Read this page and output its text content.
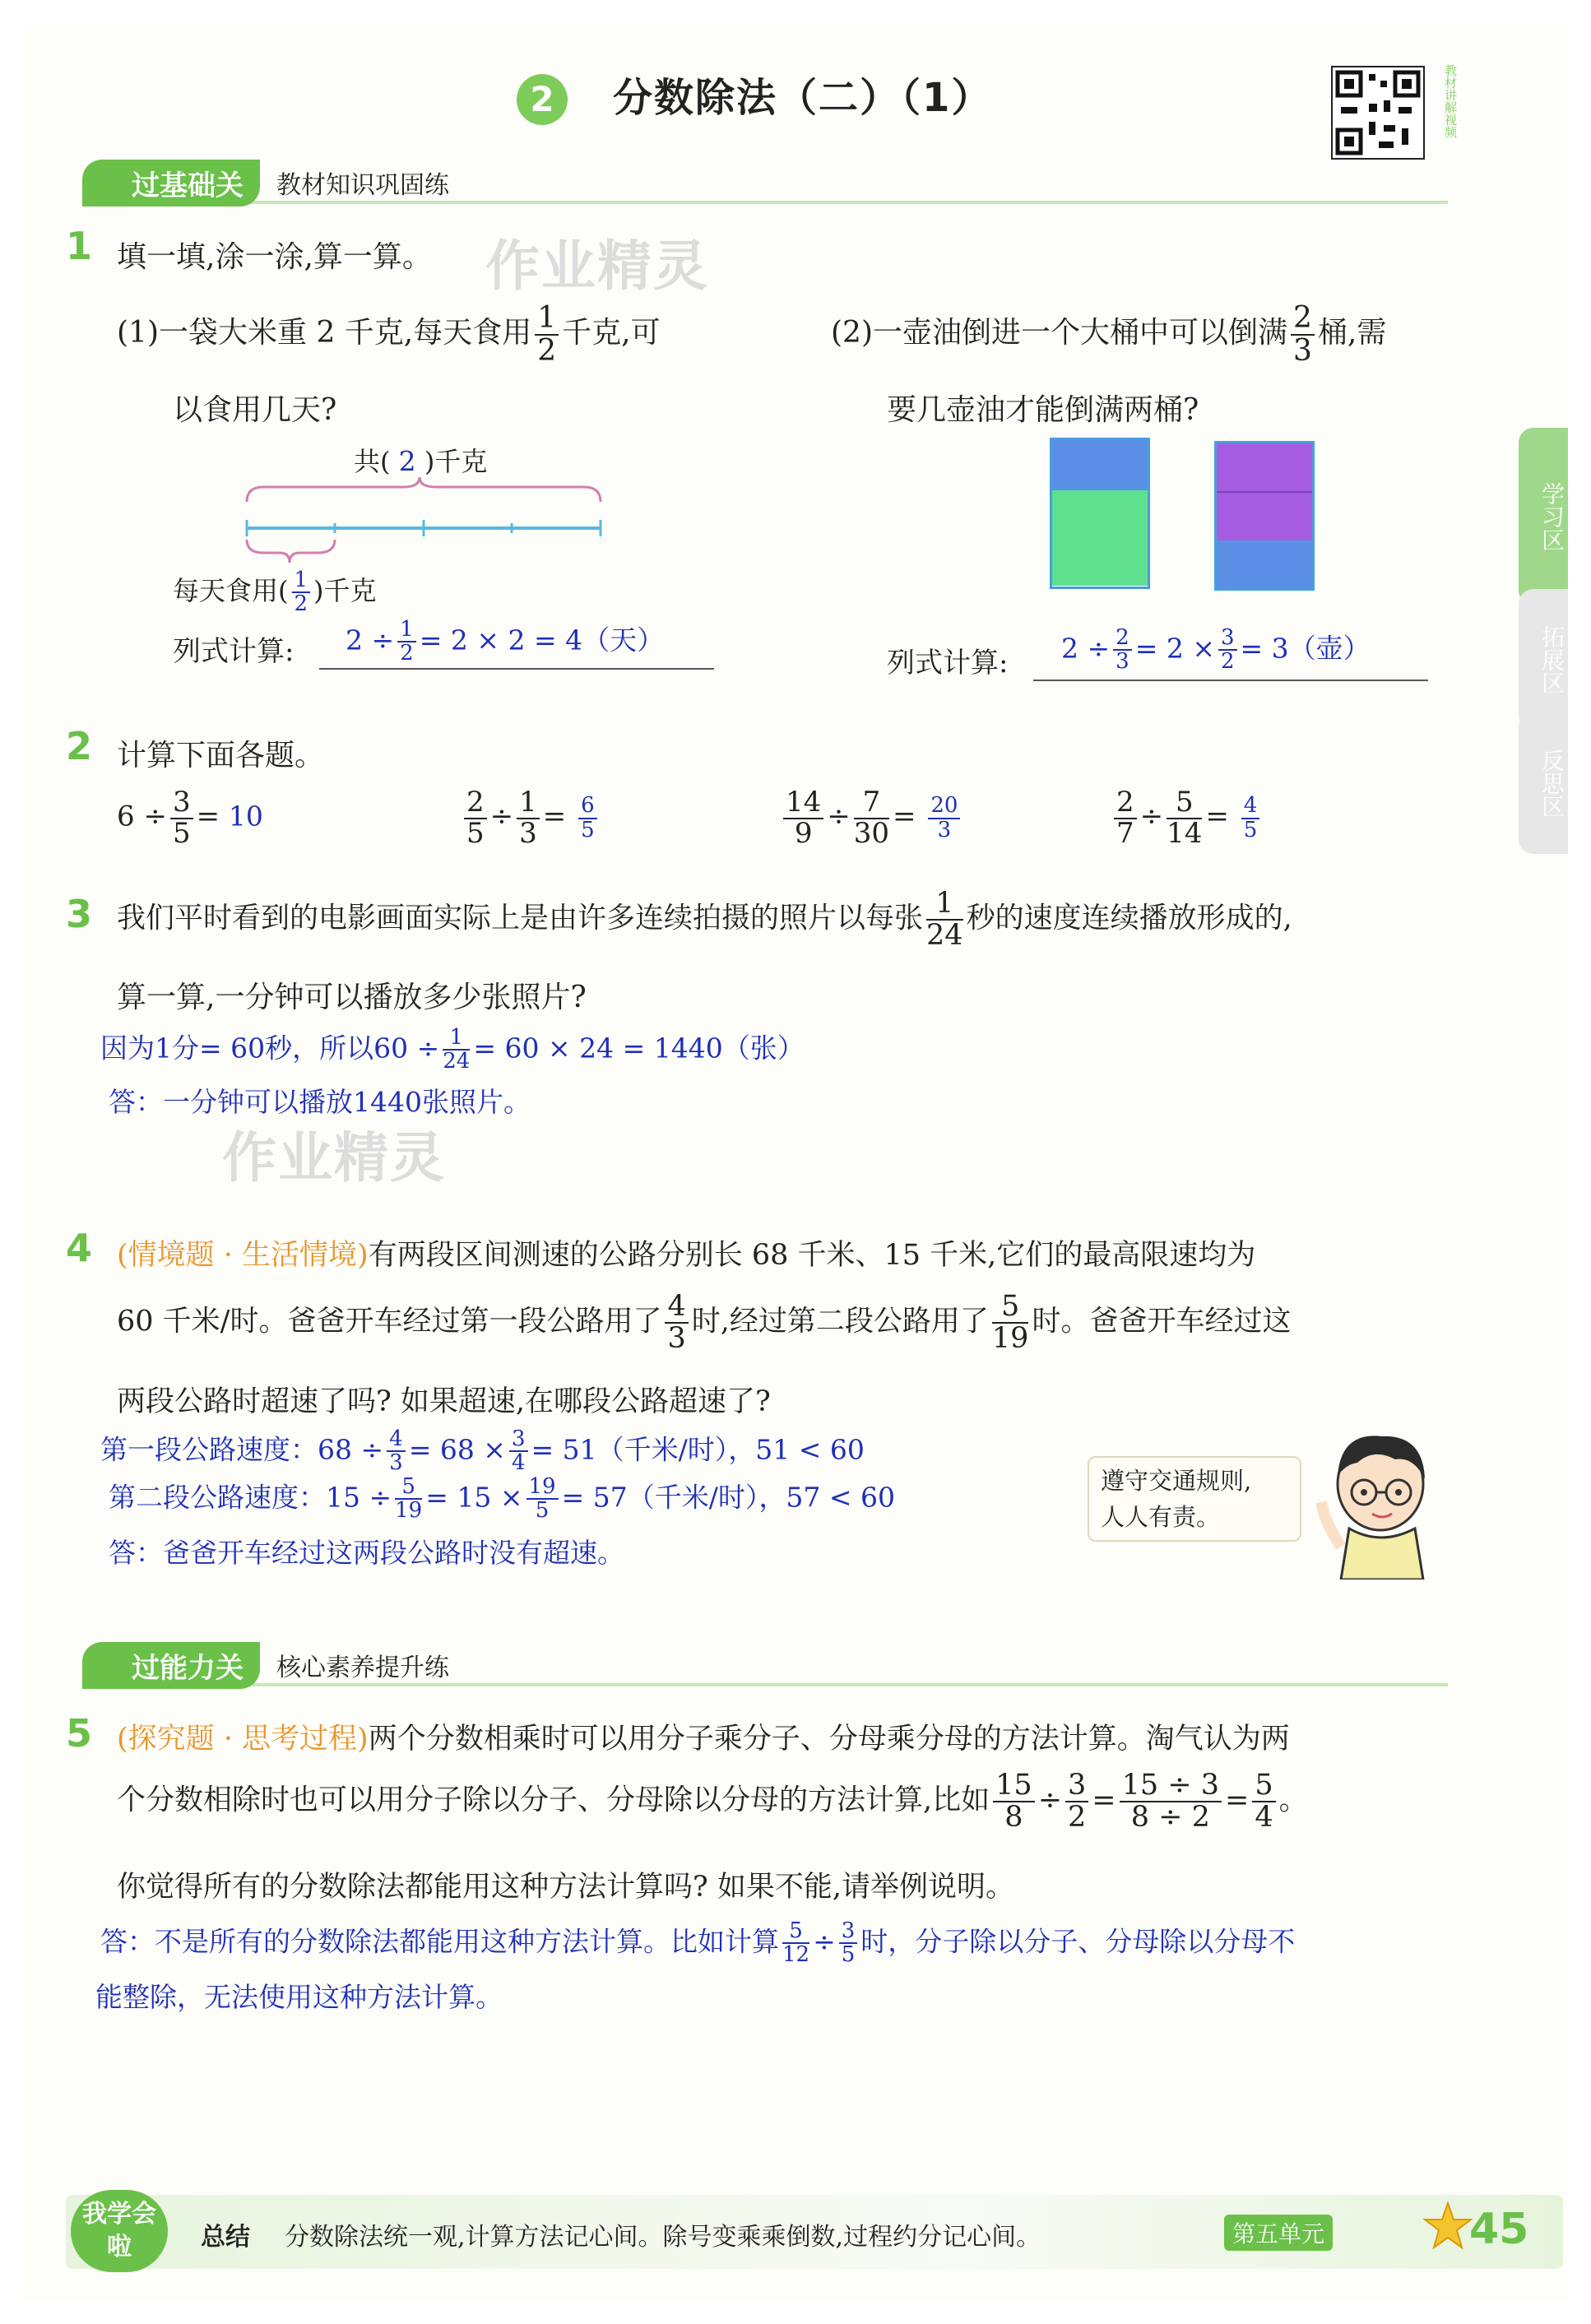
2	分数除法（二）（1）	教材讲解视频
过基础关	教材知识巩固练
学习区
拓展区
反思区
1 填一填,涂一涂,算一算。 作业精灵
(1)一袋大米重 2 千克,每天食用 $\frac{1}{2}$ 千克,可
以食用几天?
共( 2 )千克
每天食用( $\frac{1}{2}$ )千克
列式计算: $2 \div \frac{1}{2} = 2 \times 2 = 4$（天）
(2)一壶油倒进一个大桶中可以倒满 $\frac{2}{3}$ 桶,需
要几壶油才能倒满两桶?
列式计算: $2 \div \frac{2}{3} = 2 \times \frac{3}{2} = 3$（壶）
2 计算下面各题。
$6 \div \frac{3}{5} = 10$	$\frac{2}{5} \div \frac{1}{3} = \frac{6}{5}$	$\frac{14}{9} \div \frac{7}{30} = \frac{20}{3}$	$\frac{2}{7} \div \frac{5}{14} = \frac{4}{5}$
3 我们平时看到的电影画面实际上是由许多连续拍摄的照片以每张 $\frac{1}{24}$ 秒的速度连续播放形成的,
算一算,一分钟可以播放多少张照片?
因为1分= 60秒，所以$60 \div \frac{1}{24} = 60 \times 24 = 1440$（张）
答：一分钟可以播放1440张照片。
作业精灵
4 (情境题 · 生活情境)有两段区间测速的公路分别长 68 千米、15 千米,它们的最高限速均为
60 千米/时。爸爸开车经过第一段公路用了 $\frac{4}{3}$ 时,经过第二段公路用了 $\frac{5}{19}$ 时。爸爸开车经过这
两段公路时超速了吗? 如果超速,在哪段公路超速了?
第一段公路速度：$68 \div \frac{4}{3} = 68 \times \frac{3}{4} = 51$（千米/时），51 < 60
第二段公路速度：$15 \div \frac{5}{19} = 15 \times \frac{19}{5} = 57$（千米/时），57 < 60
答：爸爸开车经过这两段公路时没有超速。
遵守交通规则,
人人有责。
过能力关	核心素养提升练
5 (探究题 · 思考过程)两个分数相乘时可以用分子乘分子、分母乘分母的方法计算。淘气认为两
个分数相除时也可以用分子除以分子、分母除以分母的方法计算,比如 $\frac{15}{8} \div \frac{3}{2} = \frac{15 \div 3}{8 \div 2} = \frac{5}{4}$ 。
你觉得所有的分数除法都能用这种方法计算吗? 如果不能,请举例说明。
答：不是所有的分数除法都能用这种方法计算。比如计算 $\frac{5}{12} \div \frac{3}{5}$ 时，分子除以分子、分母除以分母不
能整除，无法使用这种方法计算。
我学会啦	总结 分数除法统一观,计算方法记心间。除号变乘乘倒数,过程约分记心间。	第五单元	45
